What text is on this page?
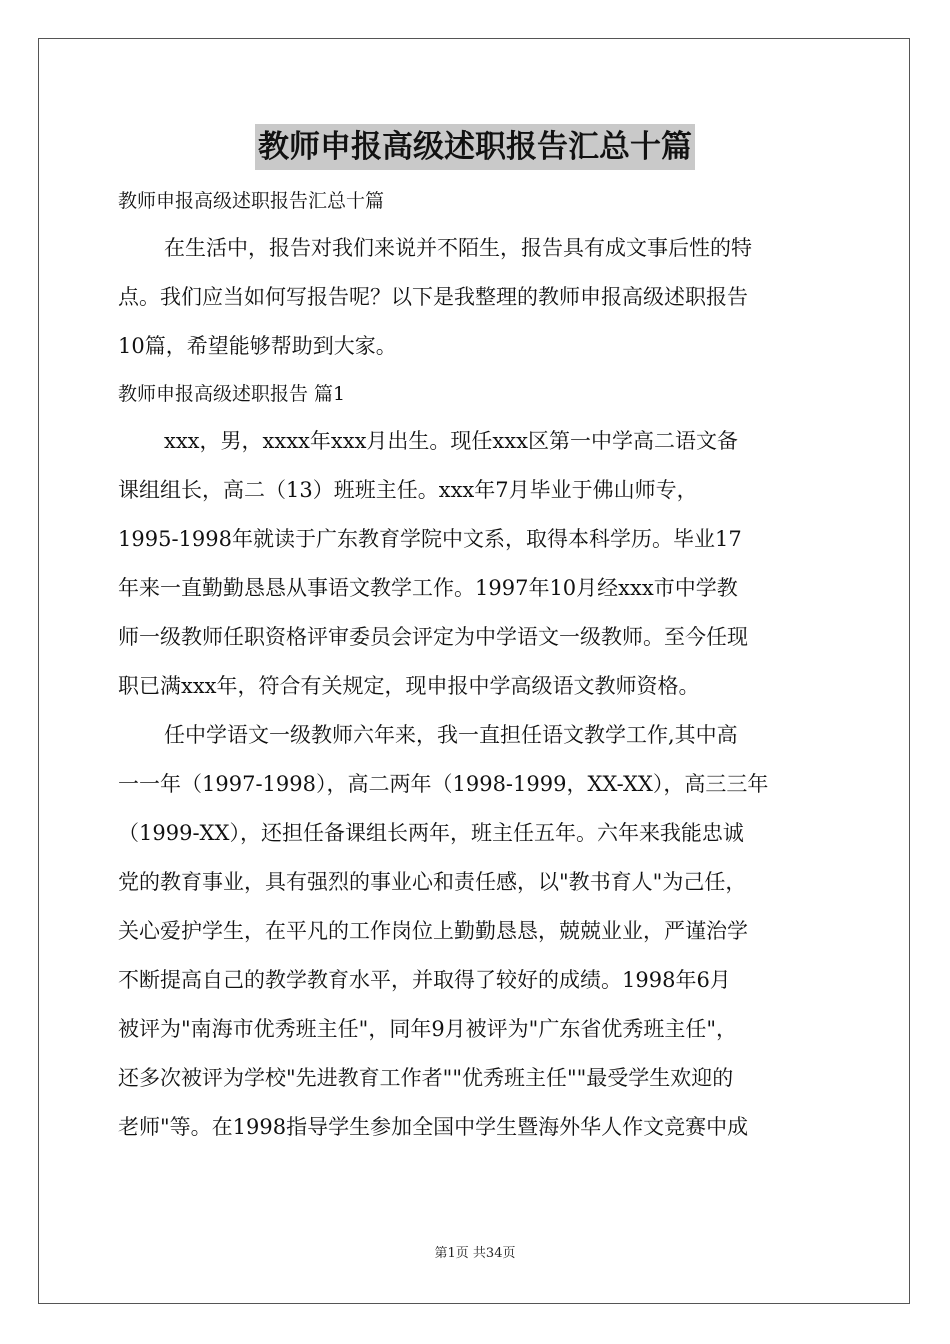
教师申报高级述职报告汇总十篇
教师申报高级述职报告汇总十篇
在生活中，报告对我们来说并不陌生，报告具有成文事后性的特
点。我们应当如何写报告呢？以下是我整理的教师申报高级述职报告
10篇，希望能够帮助到大家。
教师申报高级述职报告 篇1
xxx，男，xxxx年xxx月出生。现任xxx区第一中学高二语文备
课组组长，高二（13）班班主任。xxx年7月毕业于佛山师专，
1995-1998年就读于广东教育学院中文系，取得本科学历。毕业17
年来一直勤勤恳恳从事语文教学工作。1997年10月经xxx市中学教
师一级教师任职资格评审委员会评定为中学语文一级教师。至今任现
职已满xxx年，符合有关规定，现申报中学高级语文教师资格。
任中学语文一级教师六年来，我一直担任语文教学工作,其中高
一一年（1997-1998），高二两年（1998-1999，XX-XX），高三三年
（1999-XX），还担任备课组长两年，班主任五年。六年来我能忠诚
党的教育事业，具有强烈的事业心和责任感，以"教书育人"为己任，
关心爱护学生，在平凡的工作岗位上勤勤恳恳，兢兢业业，严谨治学
不断提高自己的教学教育水平，并取得了较好的成绩。1998年6月
被评为"南海市优秀班主任"，同年9月被评为"广东省优秀班主任"，
还多次被评为学校"先进教育工作者""优秀班主任""最受学生欢迎的
老师"等。在1998指导学生参加全国中学生暨海外华人作文竞赛中成
第1页 共34页
